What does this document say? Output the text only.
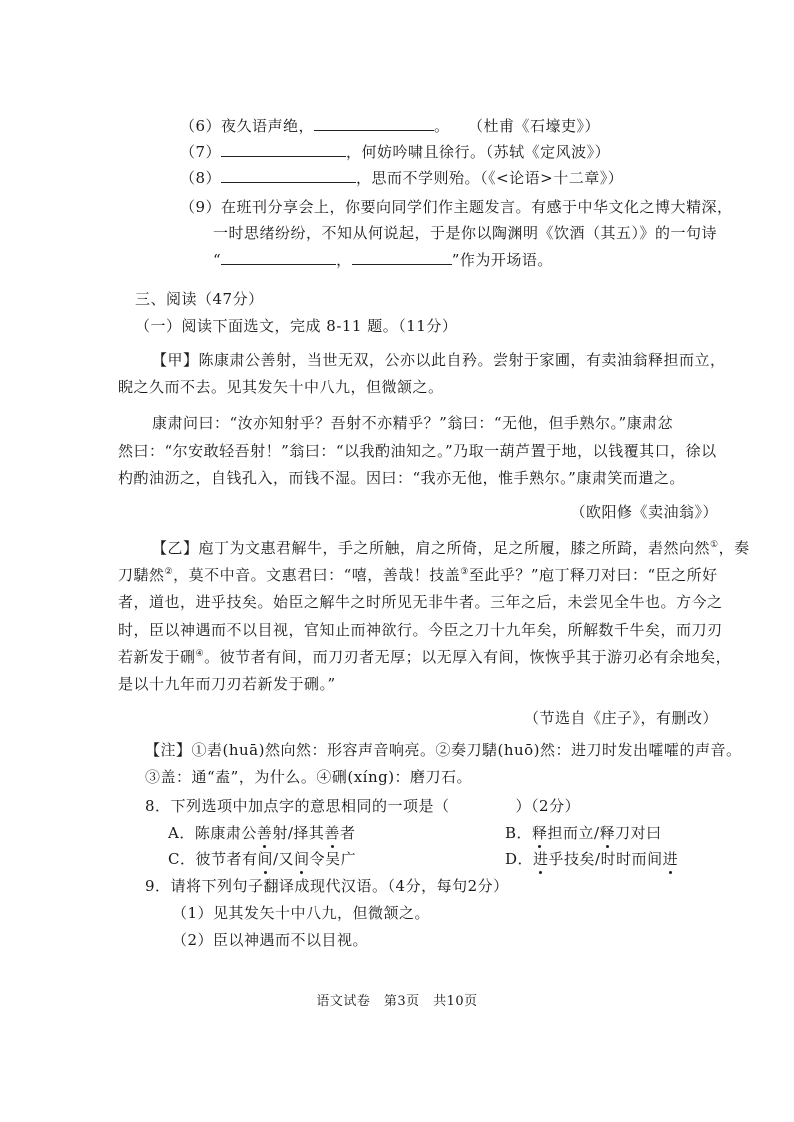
（6）夜久语声绝，	。 （杜甫《石壕吏》）
（7）	，何妨吟啸且徐行。（苏轼《定风波》）
（8）	，思而不学则殆。（《<论语>十二章》）
（9）在班刊分享会上，你要向同学们作主题发言。有感于中华文化之博大精深，
一时思绪纷纷，不知从何说起，于是你以陶渊明《饮酒（其五）》的一句诗
“	，	”作为开场语。
三、阅读（47分）
（一）阅读下面选文，完成 8-11 题。（11分）
【甲】陈康肃公善射，当世无双，公亦以此自矜。尝射于家圃，有卖油翁释担而立，
睨之久而不去。见其发矢十中八九，但微颔之。
康肃问曰：“汝亦知射乎？吾射不亦精乎？”翁曰：“无他，但手熟尔。”康肃忿
然曰：“尔安敢轻吾射！”翁曰：“以我酌油知之。”乃取一葫芦置于地，以钱覆其口，徐以
杓酌油沥之，自钱孔入，而钱不湿。因曰：“我亦无他，惟手熟尔。”康肃笑而遣之。
（欧阳修《卖油翁》）
【乙】庖丁为文惠君解牛，手之所触，肩之所倚，足之所履，膝之所踦，砉然向然①，奏
刀騞然②，莫不中音。文惠君曰：“嘻，善哉！技盖③至此乎？”庖丁释刀对曰：“臣之所好
者，道也，进乎技矣。始臣之解牛之时所见无非牛者。三年之后，未尝见全牛也。方今之
时，臣以神遇而不以目视，官知止而神欲行。今臣之刀十九年矣，所解数千牛矣，而刀刃
若新发于硎④。彼节者有间，而刀刃者无厚；以无厚入有间，恢恢乎其于游刃必有余地矣，
是以十九年而刀刃若新发于硎。”
（节选自《庄子》，有删改）
【注】①砉(huā)然向然：形容声音响亮。②奏刀騞(huō)然：进刀时发出嚯嚯的声音。
③盖：通“盍”，为什么。④硎(xíng)：磨刀石。
8．下列选项中加点字的意思相同的一项是（	）（2分）
A．陈康肃公善射/择其善者	B．释担而立/释刀对曰
C．彼节者有间/又间令吴广	D．进乎技矣/时时而间进
9．请将下列句子翻译成现代汉语。（4分，每句2分）
（1）见其发矢十中八九，但微颔之。
（2）臣以神遇而不以目视。
语文试卷　第3页　共10页
